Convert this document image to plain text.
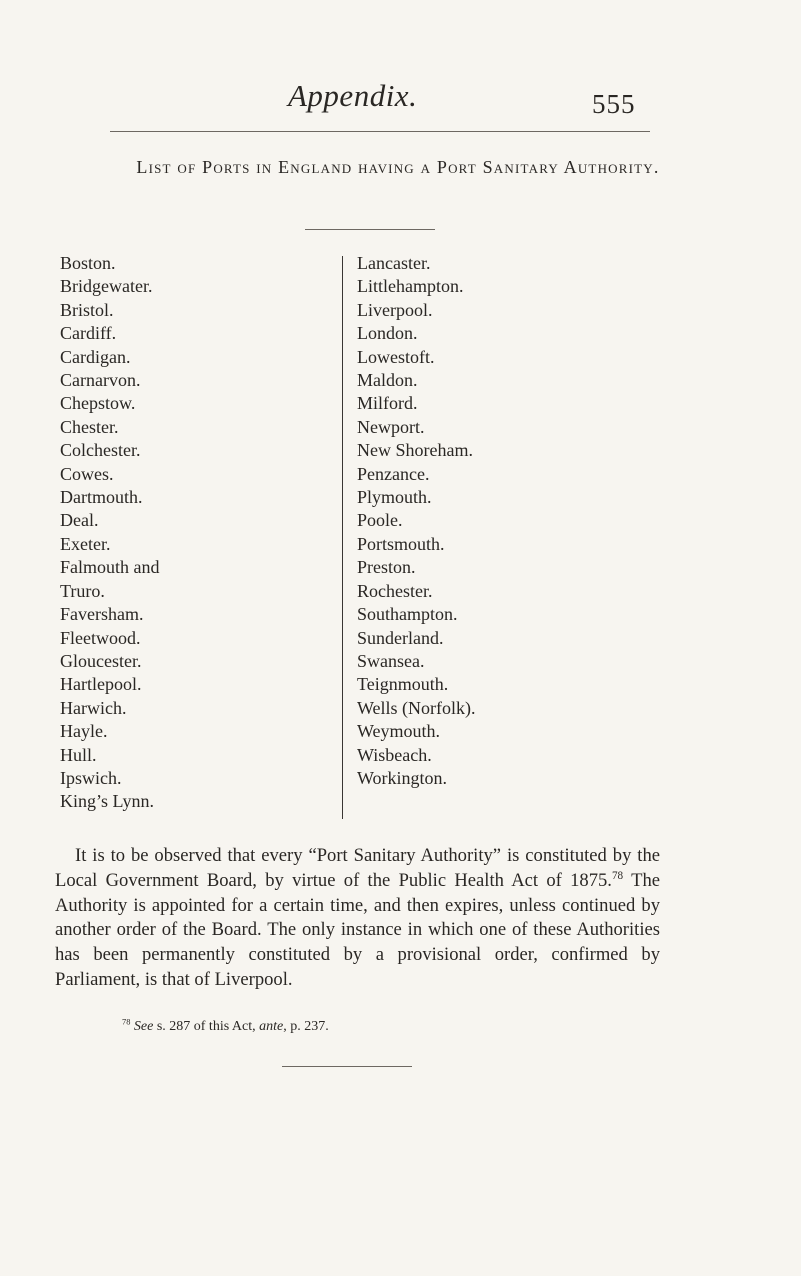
Appendix.	555
List of Ports in England having a Port Sanitary Authority.
Boston.
Bridgewater.
Bristol.
Cardiff.
Cardigan.
Carnarvon.
Chepstow.
Chester.
Colchester.
Cowes.
Dartmouth.
Deal.
Exeter.
Falmouth and
Truro.
Faversham.
Fleetwood.
Gloucester.
Hartlepool.
Harwich.
Hayle.
Hull.
Ipswich.
King’s Lynn.
Lancaster.
Littlehampton.
Liverpool.
London.
Lowestoft.
Maldon.
Milford.
Newport.
New Shoreham.
Penzance.
Plymouth.
Poole.
Portsmouth.
Preston.
Rochester.
Southampton.
Sunderland.
Swansea.
Teignmouth.
Wells (Norfolk).
Weymouth.
Wisbeach.
Workington.

It is to be observed that every “Port Sanitary Authority” is constituted by the Local Government Board, by virtue of the Public Health Act of 1875.78 The Authority is appointed for a certain time, and then expires, unless continued by another order of the Board. The only instance in which one of these Authorities has been permanently constituted by a provisional order, confirmed by Parliament, is that of Liverpool.

$^{78}$ See s. 287 of this Act, ante, p. 237.
